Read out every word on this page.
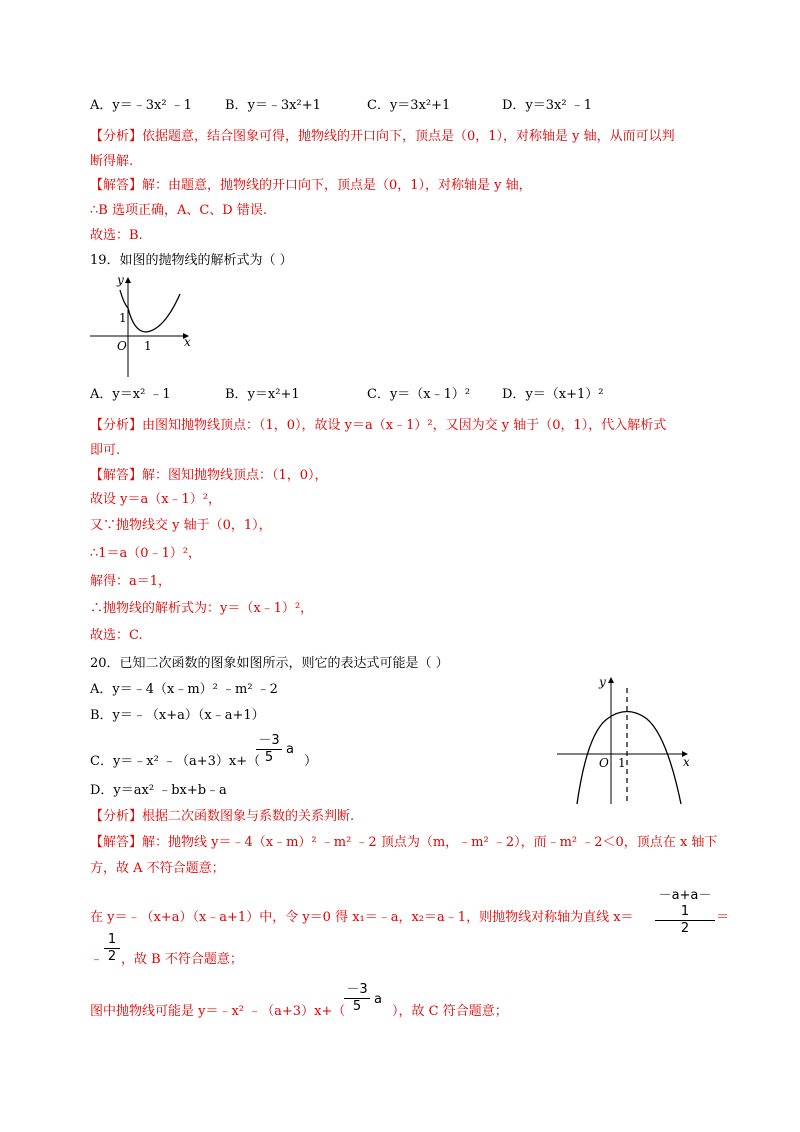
A．y＝﹣3x² ﹣1	B．y＝﹣3x²+1	C．y＝3x²+1	D．y＝3x² ﹣1
【分析】依据题意，结合图象可得，抛物线的开口向下，顶点是（0，1），对称轴是 y 轴，从而可以判
断得解.
【解答】解：由题意，抛物线的开口向下，顶点是（0，1），对称轴是 y 轴，
∴B 选项正确，A、C、D 错误.
故选：B.
19．如图的抛物线的解析式为（ ）
y
x
O
1
1
A．y＝x² ﹣1	B．y＝x²+1	C．y＝（x﹣1）² D．y＝（x+1）²
【分析】由图知抛物线顶点：（1，0），故设 y＝a（x﹣1）²，又因为交 y 轴于（0，1），代入解析式
即可.
【解答】解：图知抛物线顶点：（1，0），
故设 y＝a（x﹣1）²，
又∵抛物线交 y 轴于（0，1），
∴1＝a（0﹣1）²，
解得：a＝1，
∴抛物线的解析式为：y＝（x﹣1）²，
故选：C.
20．已知二次函数的图象如图所示，则它的表达式可能是（ ）
A．y＝﹣4（x﹣m）² ﹣m² ﹣2
B．y＝﹣（x+a）（x﹣a+1）
C．y＝﹣x² ﹣（a+3）x+（	）
$\frac{-3}{5}$ a
D．y＝ax² ﹣bx+b﹣a
y
x
O 1
【分析】根据二次函数图象与系数的关系判断.
【解答】解：抛物线 y＝﹣4（x﹣m）² ﹣m² ﹣2 顶点为（m，﹣m² ﹣2），而﹣m² ﹣2＜0，顶点在 x 轴下
方，故 A 不符合题意；
在 y＝﹣（x+a）（x﹣a+1）中，令 y＝0 得 x₁＝﹣a，x₂＝a﹣1，则抛物线对称轴为直线 $x= \frac{-a+a-1}{2}$ ＝
﹣ $\frac{1}{2}$ ，故 B 不符合题意；
图中抛物线可能是 y＝﹣x² ﹣（a+3）x+（
$\frac{-3}{5}$ a
），故 C 符合题意；
